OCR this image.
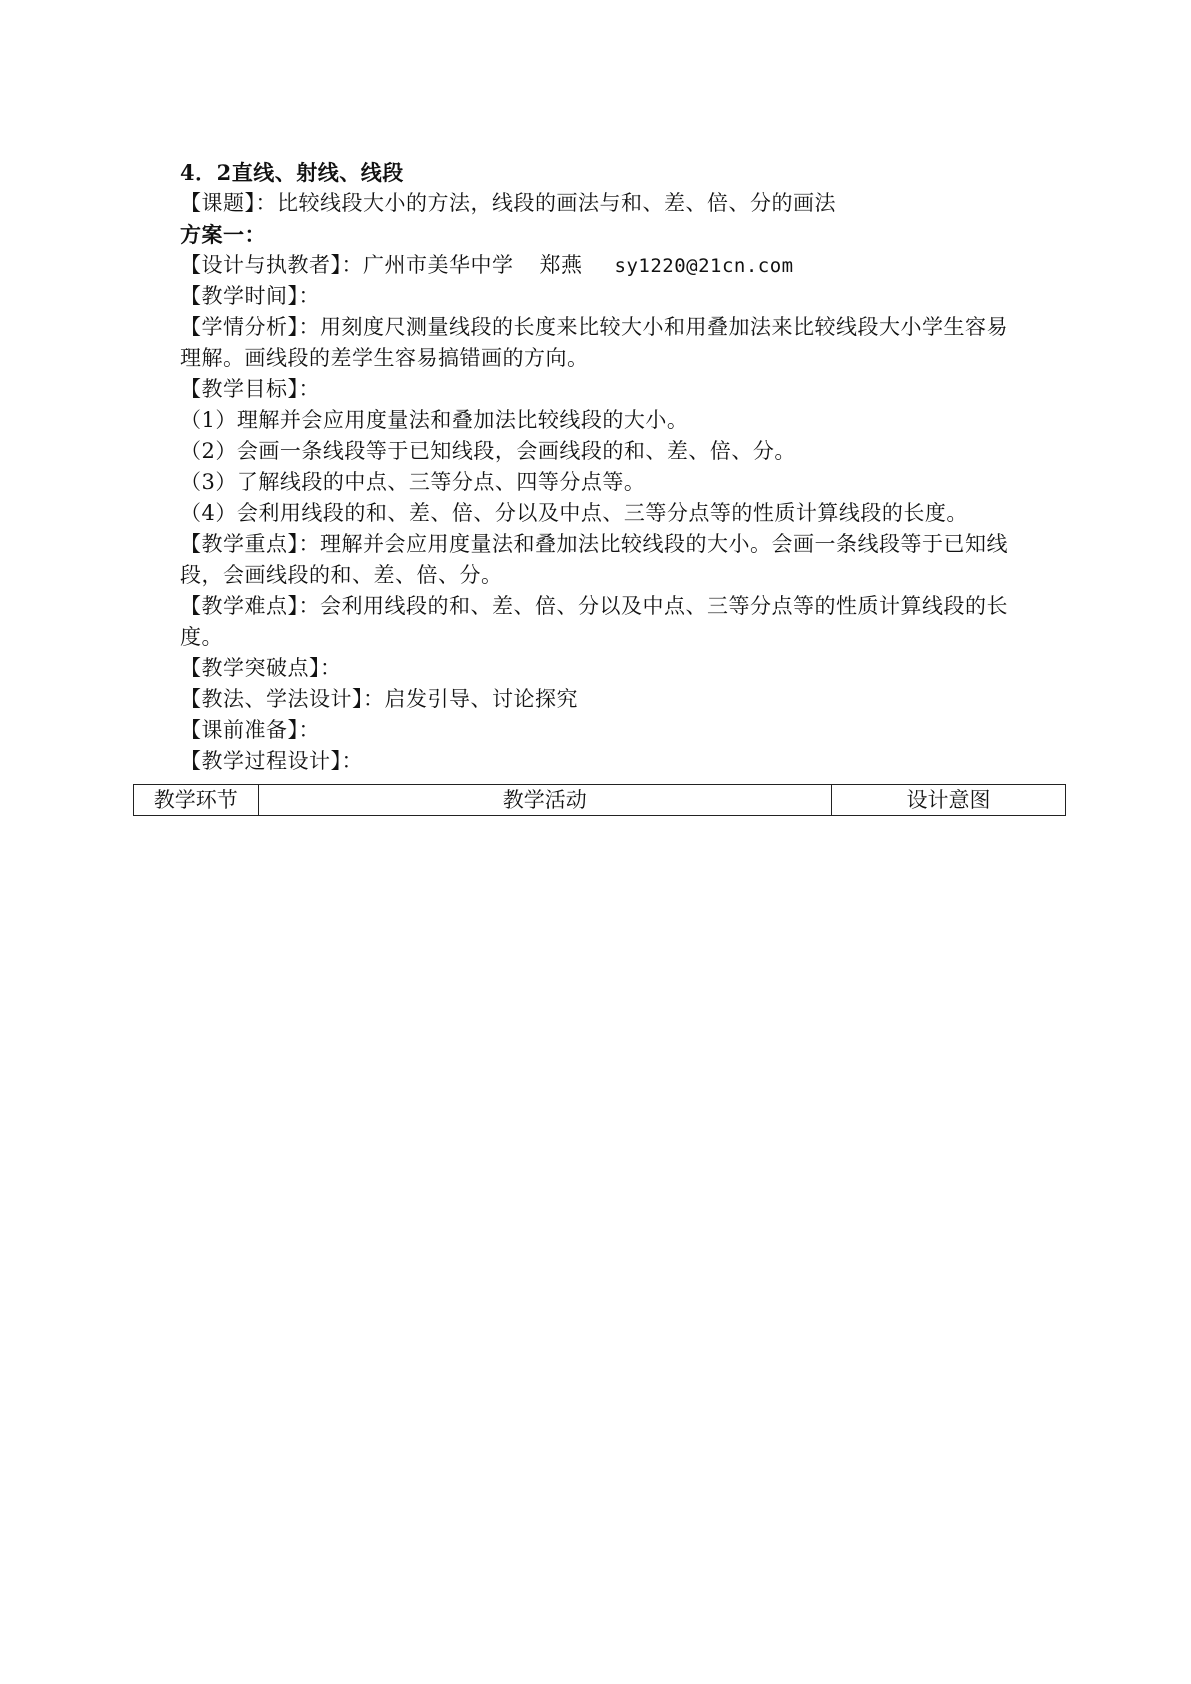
4．2直线、射线、线段
【课题】：比较线段大小的方法，线段的画法与和、差、倍、分的画法
方案一：
【设计与执教者】：广州市美华中学 郑燕 sy1220@21cn.com
【教学时间】：
【学情分析】：用刻度尺测量线段的长度来比较大小和用叠加法来比较线段大小学生容易理解。画线段的差学生容易搞错画的方向。
【教学目标】：
（1）理解并会应用度量法和叠加法比较线段的大小。
（2）会画一条线段等于已知线段，会画线段的和、差、倍、分。
（3）了解线段的中点、三等分点、四等分点等。
（4）会利用线段的和、差、倍、分以及中点、三等分点等的性质计算线段的长度。
【教学重点】：理解并会应用度量法和叠加法比较线段的大小。会画一条线段等于已知线段，会画线段的和、差、倍、分。
【教学难点】：会利用线段的和、差、倍、分以及中点、三等分点等的性质计算线段的长度。
【教学突破点】：
【教法、学法设计】：启发引导、讨论探究
【课前准备】：
【教学过程设计】：
教学环节	教学活动	设计意图
